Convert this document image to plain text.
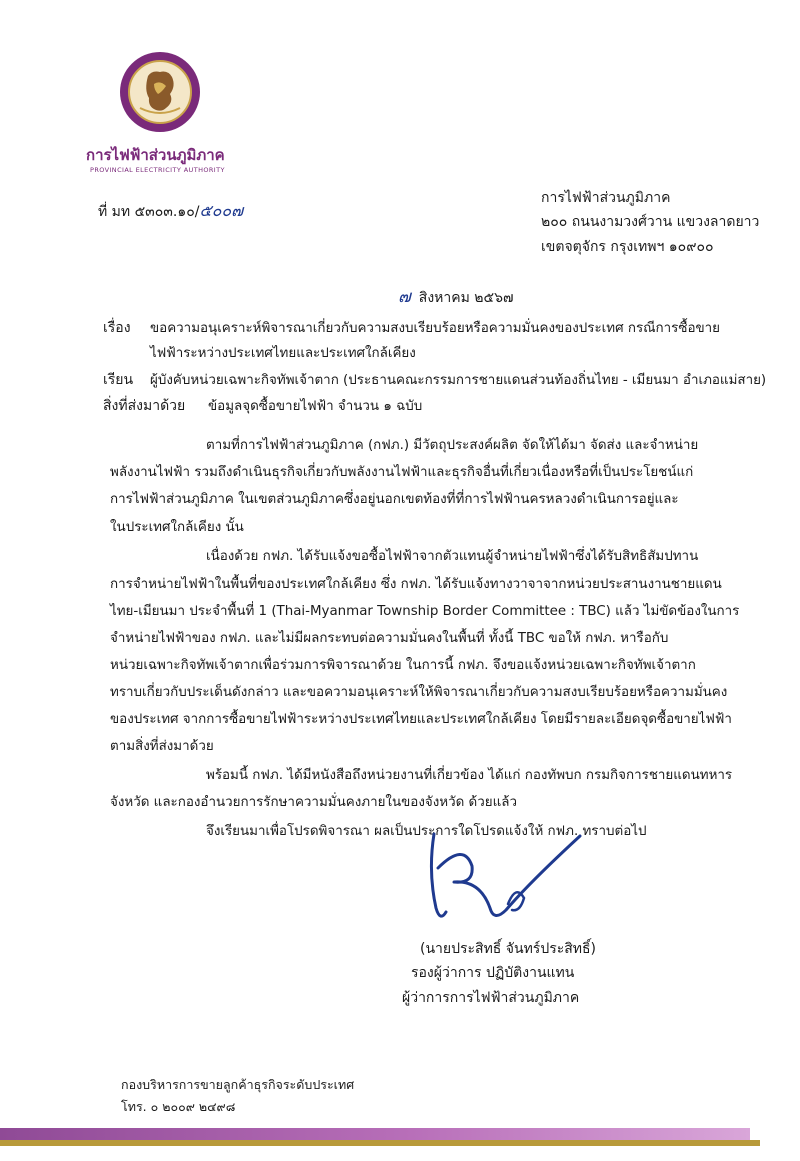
การไฟฟ้าส่วนภูมิภาค
PROVINCIAL ELECTRICITY AUTHORITY
ที่ มท ๕๓๐๓.๑๐/๕๐๐๗
การไฟฟ้าส่วนภูมิภาค
๒๐๐ ถนนงามวงศ์วาน แขวงลาดยาว
เขตจตุจักร กรุงเทพฯ ๑๐๙๐๐
๗ สิงหาคม ๒๕๖๗
เรื่อง ขอความอนุเคราะห์พิจารณาเกี่ยวกับความสงบเรียบร้อยหรือความมั่นคงของประเทศ กรณีการซื้อขาย
ไฟฟ้าระหว่างประเทศไทยและประเทศใกล้เคียง
เรียน ผู้บังคับหน่วยเฉพาะกิจทัพเจ้าตาก (ประธานคณะกรรมการชายแดนส่วนท้องถิ่นไทย - เมียนมา อำเภอแม่สาย)
สิ่งที่ส่งมาด้วย ข้อมูลจุดซื้อขายไฟฟ้า จำนวน ๑ ฉบับ
ตามที่การไฟฟ้าส่วนภูมิภาค (กฟภ.) มีวัตถุประสงค์ผลิต จัดให้ได้มา จัดส่ง และจำหน่าย
พลังงานไฟฟ้า รวมถึงดำเนินธุรกิจเกี่ยวกับพลังงานไฟฟ้าและธุรกิจอื่นที่เกี่ยวเนื่องหรือที่เป็นประโยชน์แก่
การไฟฟ้าส่วนภูมิภาค ในเขตส่วนภูมิภาคซึ่งอยู่นอกเขตท้องที่ที่การไฟฟ้านครหลวงดำเนินการอยู่และ
ในประเทศใกล้เคียง นั้น
เนื่องด้วย กฟภ. ได้รับแจ้งขอซื้อไฟฟ้าจากตัวแทนผู้จำหน่ายไฟฟ้าซึ่งได้รับสิทธิสัมปทาน
การจำหน่ายไฟฟ้าในพื้นที่ของประเทศใกล้เคียง ซึ่ง กฟภ. ได้รับแจ้งทางวาจาจากหน่วยประสานงานชายแดน
ไทย-เมียนมา ประจำพื้นที่ 1 (Thai-Myanmar Township Border Committee : TBC) แล้ว ไม่ขัดข้องในการ
จำหน่ายไฟฟ้าของ กฟภ. และไม่มีผลกระทบต่อความมั่นคงในพื้นที่ ทั้งนี้ TBC ขอให้ กฟภ. หารือกับ
หน่วยเฉพาะกิจทัพเจ้าตากเพื่อร่วมการพิจารณาด้วย ในการนี้ กฟภ. จึงขอแจ้งหน่วยเฉพาะกิจทัพเจ้าตาก
ทราบเกี่ยวกับประเด็นดังกล่าว และขอความอนุเคราะห์ให้พิจารณาเกี่ยวกับความสงบเรียบร้อยหรือความมั่นคง
ของประเทศ จากการซื้อขายไฟฟ้าระหว่างประเทศไทยและประเทศใกล้เคียง โดยมีรายละเอียดจุดซื้อขายไฟฟ้า
ตามสิ่งที่ส่งมาด้วย
พร้อมนี้ กฟภ. ได้มีหนังสือถึงหน่วยงานที่เกี่ยวข้อง ได้แก่ กองทัพบก กรมกิจการชายแดนทหาร
จังหวัด และกองอำนวยการรักษาความมั่นคงภายในของจังหวัด ด้วยแล้ว
จึงเรียนมาเพื่อโปรดพิจารณา ผลเป็นประการใดโปรดแจ้งให้ กฟภ. ทราบต่อไป
(นายประสิทธิ์ จันทร์ประสิทธิ์)
รองผู้ว่าการ ปฏิบัติงานแทน
ผู้ว่าการการไฟฟ้าส่วนภูมิภาค
กองบริหารการขายลูกค้าธุรกิจระดับประเทศ
โทร. ๐ ๒๐๐๙ ๒๔๙๘
